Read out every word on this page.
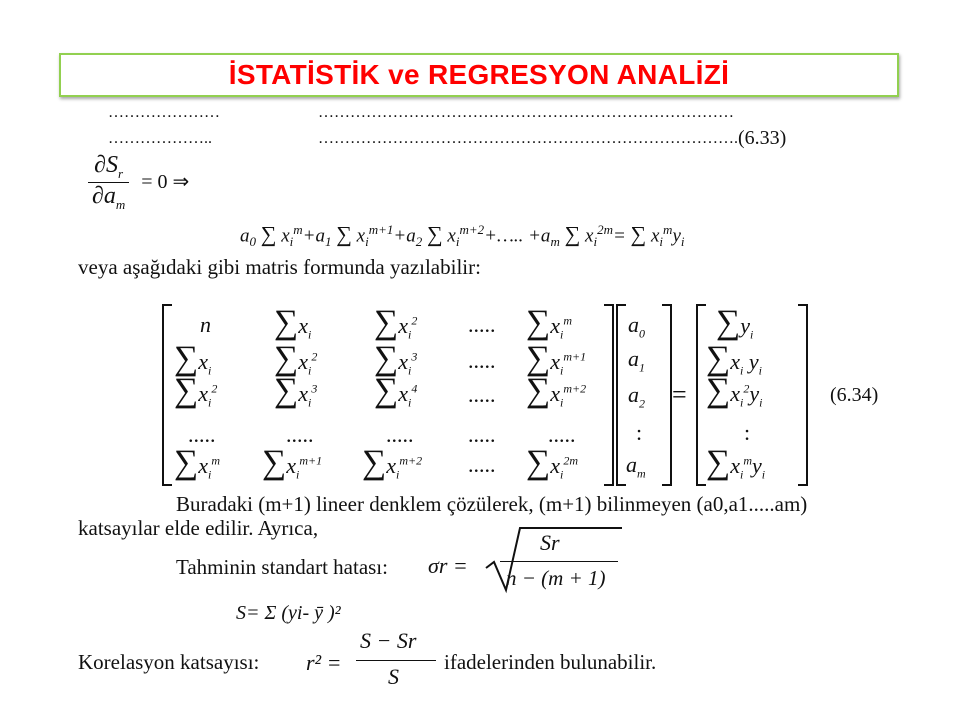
İSTATİSTİK ve REGRESYON ANALİZİ
…………………	……………………………………………………………………
………………..	……………………………………………………………………. (6.33)
$\frac{\partial S_r}{\partial a_m} = 0$ ⇒
$a_0$ ∑ $x_i^m+a_1$ ∑ $x_i^{m+1}+a_2$ ∑ $x_i^{m+2}+\dots$.. $+a_m$ ∑ $x_i^{2m}=$ ∑ $x_i^my_i$
veya aşağıdaki gibi matris formunda yazılabilir:
n $\sum x_i$ $\sum x_i^2$ ..... $\sum x_i^m$
$\sum x_i$ $\sum x_i^2$ $\sum x_i^3$ ..... $\sum x_i^{m+1}$
$\sum x_i^2$ $\sum x_i^3$ $\sum x_i^4$ ..... $\sum x_i^{m+2}$
.....	.....	..... ..... .....
$\sum x_i^m$ $\sum x_i^{m+1}$ $\sum x_i^{m+2}$ ..... $\sum x_i^{2m}$
$a_0$
$a_1$
$a_2$
:
$a_m$
=
$\sum y_i$
$\sum x_i$ $y_i$
$\sum x_i^2y_i$
:
$\sum x_i^my_i$
(6.34)
Buradaki (m+1) lineer denklem çözülerek, (m+1) bilinmeyen (a0,a1.....am)
katsayılar elde edilir. Ayrıca,
Tahminin standart hatası: σr =
Sr
n − (m + 1)
S= Σ (yi- ȳ )²
Korelasyon katsayısı: r² =
S − Sr
S
ifadelerinden bulunabilir.
